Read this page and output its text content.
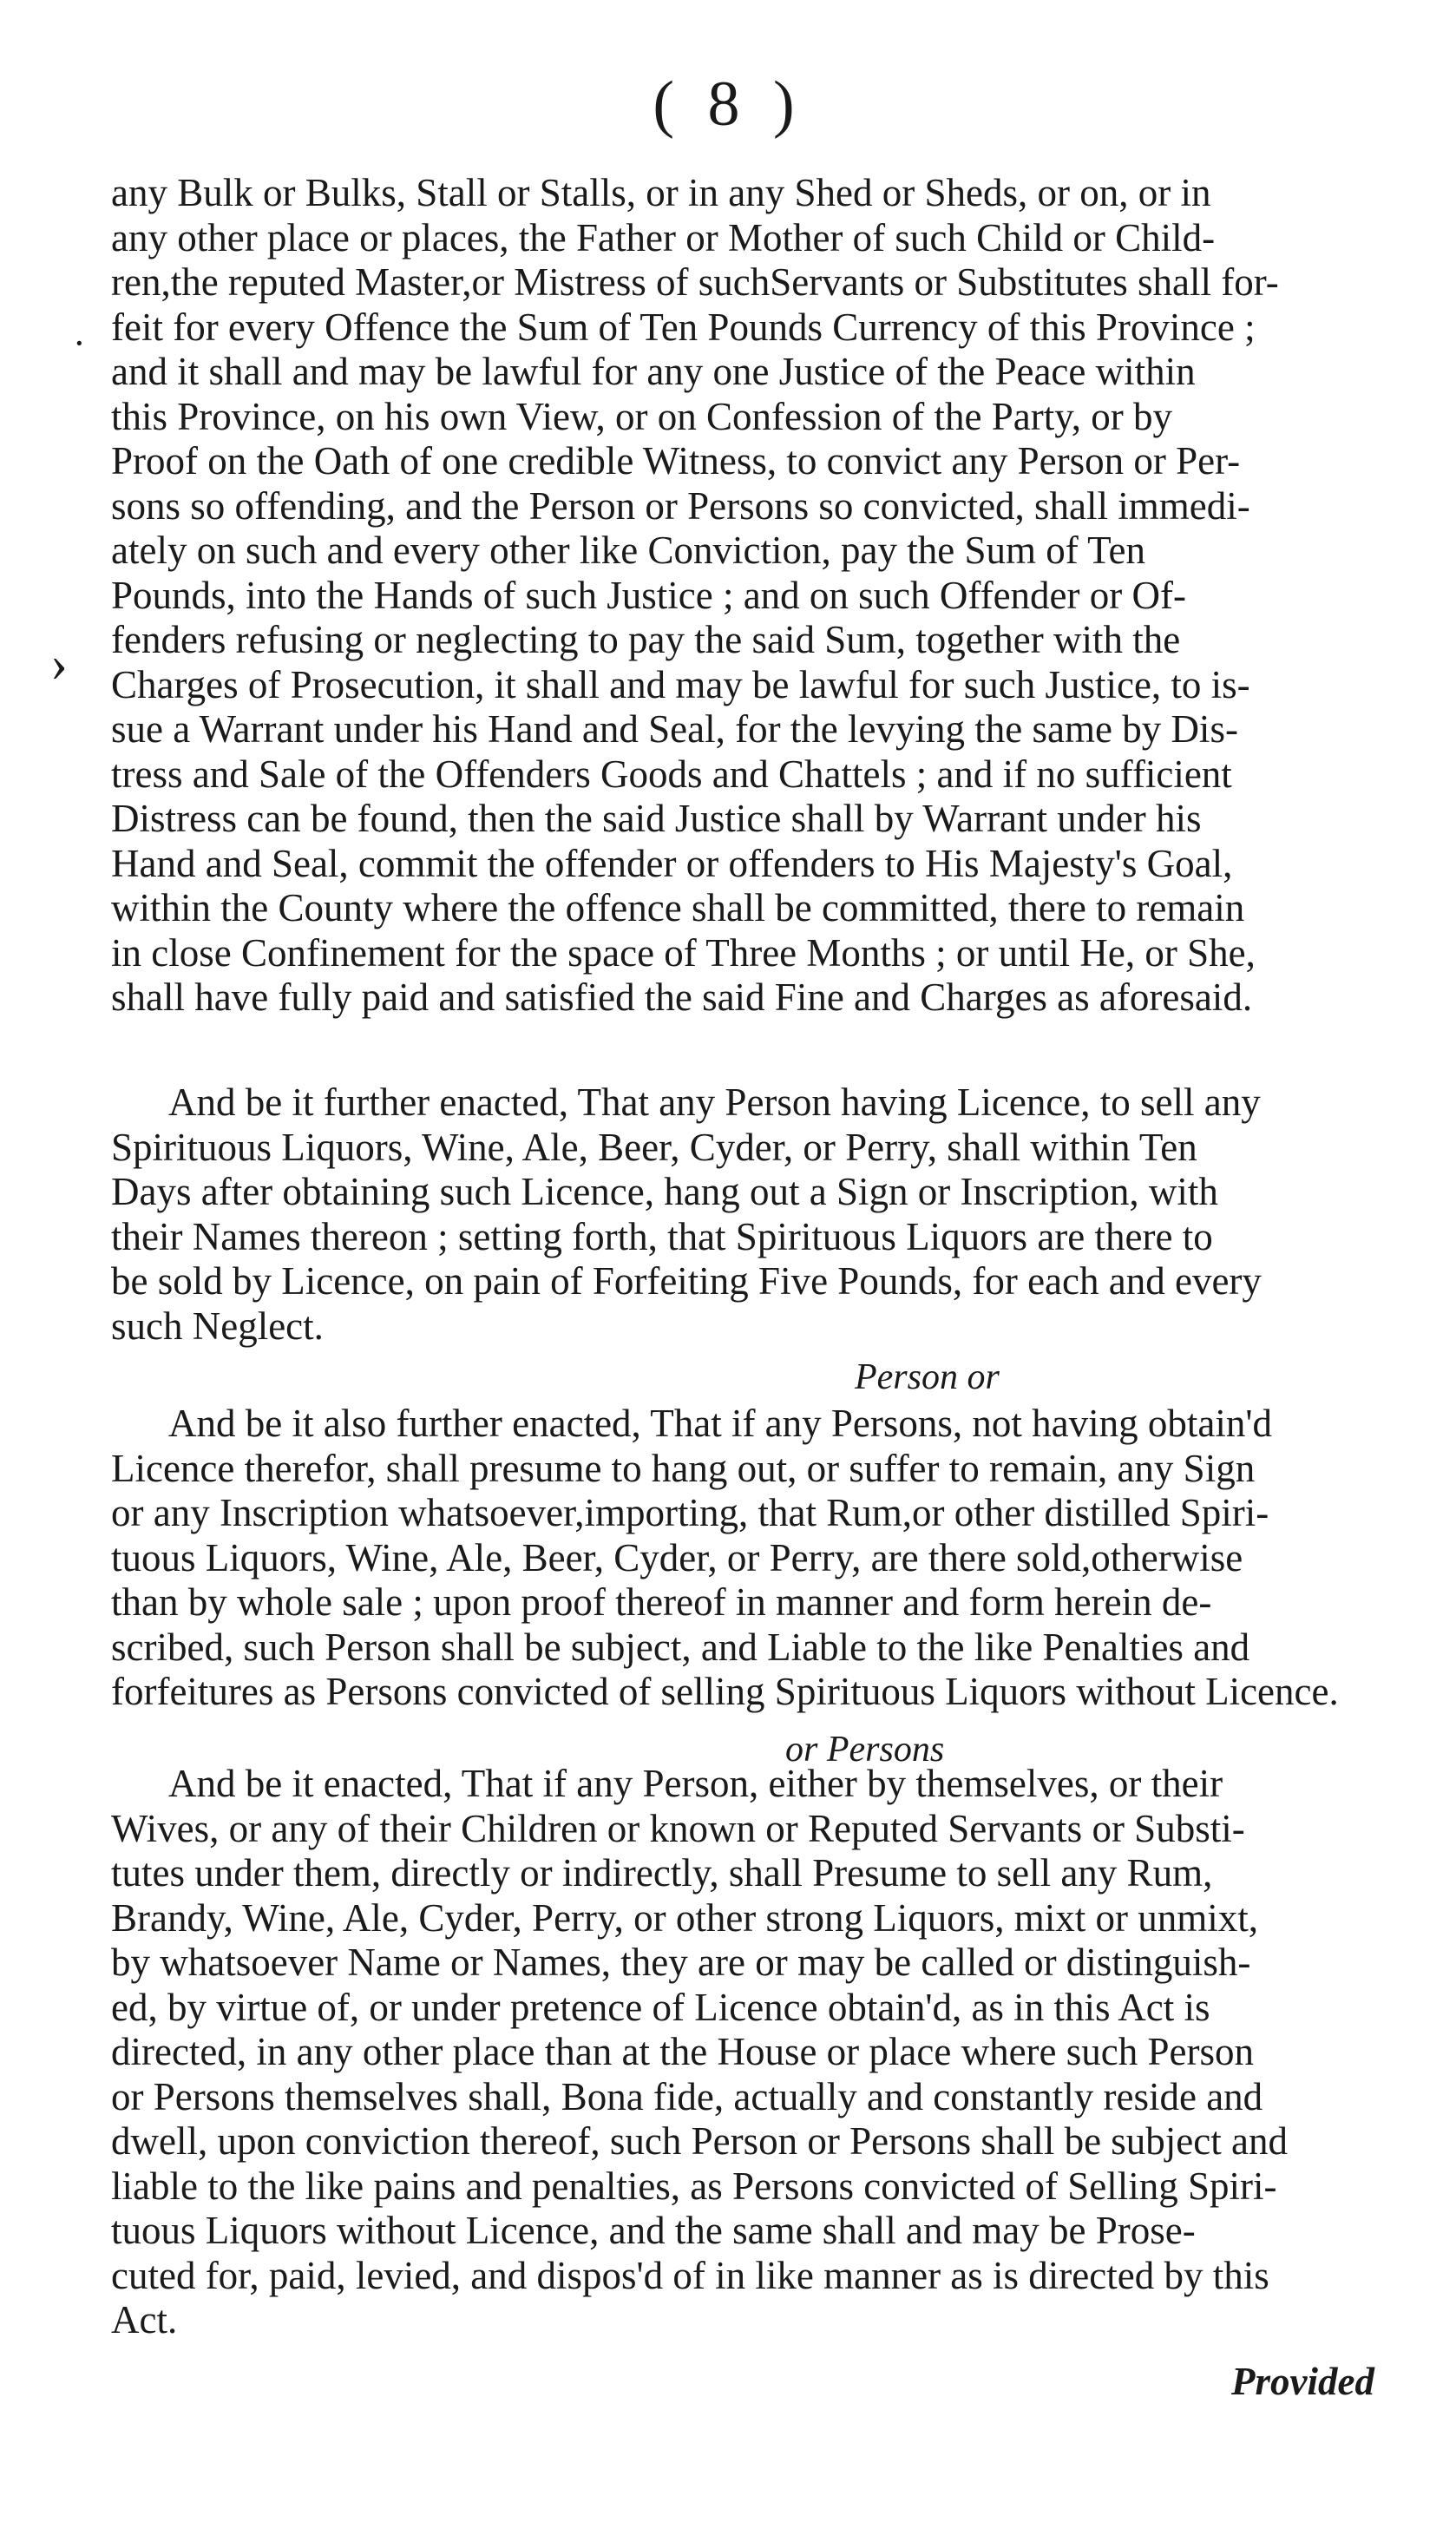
( 8 )
·
›
any Bulk or Bulks, Stall or Stalls, or in any Shed or Sheds, or on, or in
any other place or places, the Father or Mother of such Child or Child-
ren,the reputed Master,or Mistress of suchServants or Substitutes shall for-
feit for every Offence the Sum of Ten Pounds Currency of this Province ;
and it shall and may be lawful for any one Justice of the Peace within
this Province, on his own View, or on Confession of the Party, or by
Proof on the Oath of one credible Witness, to convict any Person or Per-
sons so offending, and the Person or Persons so convicted, shall immedi-
ately on such and every other like Conviction, pay the Sum of Ten
Pounds, into the Hands of such Justice ; and on such Offender or Of-
fenders refusing or neglecting to pay the said Sum, together with the
Charges of Prosecution, it shall and may be lawful for such Justice, to is-
sue a Warrant under his Hand and Seal, for the levying the same by Dis-
tress and Sale of the Offenders Goods and Chattels ; and if no sufficient
Distress can be found, then the said Justice shall by Warrant under his
Hand and Seal, commit the offender or offenders to His Majesty's Goal,
within the County where the offence shall be committed, there to remain
in close Confinement for the space of Three Months ; or until He, or She,
shall have fully paid and satisfied the said Fine and Charges as aforesaid.
And be it further enacted, That any Person having Licence, to sell any
Spirituous Liquors, Wine, Ale, Beer, Cyder, or Perry, shall within Ten
Days after obtaining such Licence, hang out a Sign or Inscription, with
their Names thereon ; setting forth, that Spirituous Liquors are there to
be sold by Licence, on pain of Forfeiting Five Pounds, for each and every
such Neglect.
Person or
And be it also further enacted, That if any Persons, not having obtain'd
Licence therefor, shall presume to hang out, or suffer to remain, any Sign
or any Inscription whatsoever,importing, that Rum,or other distilled Spiri-
tuous Liquors, Wine, Ale, Beer, Cyder, or Perry, are there sold,otherwise
than by whole sale ; upon proof thereof in manner and form herein de-
scribed, such Person shall be subject, and Liable to the like Penalties and
forfeitures as Persons convicted of selling Spirituous Liquors without Licence.
or Persons
And be it enacted, That if any Person, either by themselves, or their
Wives, or any of their Children or known or Reputed Servants or Substi-
tutes under them, directly or indirectly, shall Presume to sell any Rum,
Brandy, Wine, Ale, Cyder, Perry, or other strong Liquors, mixt or unmixt,
by whatsoever Name or Names, they are or may be called or distinguish-
ed, by virtue of, or under pretence of Licence obtain'd, as in this Act is
directed, in any other place than at the House or place where such Person
or Persons themselves shall, Bona fide, actually and constantly reside and
dwell, upon conviction thereof, such Person or Persons shall be subject and
liable to the like pains and penalties, as Persons convicted of Selling Spiri-
tuous Liquors without Licence, and the same shall and may be Prose-
cuted for, paid, levied, and dispos'd of in like manner as is directed by this
Act.
Provided
